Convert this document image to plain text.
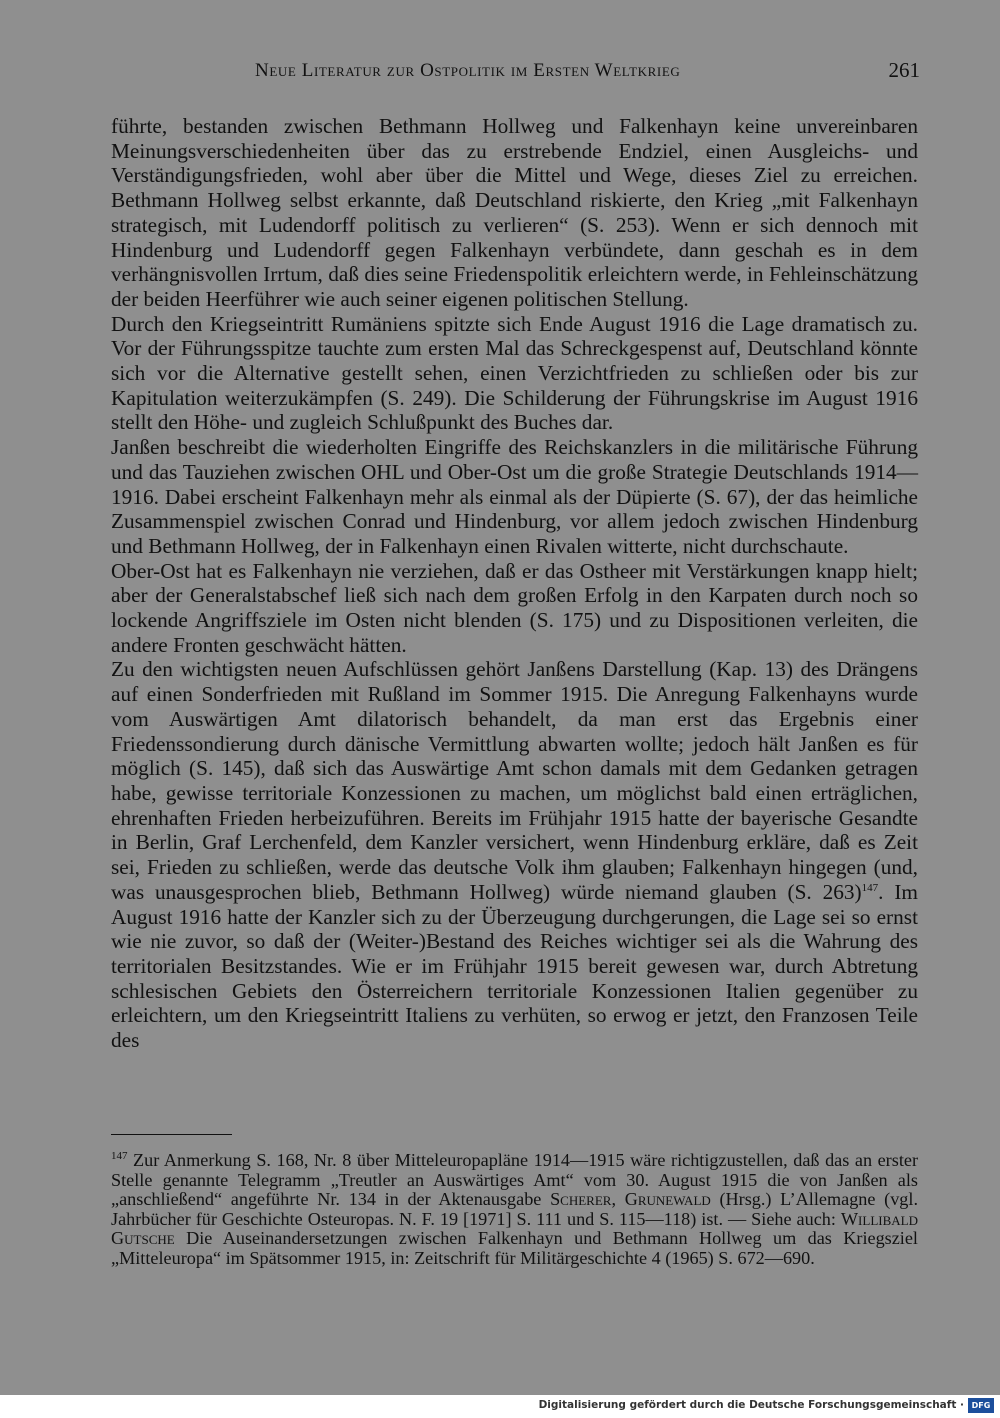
Neue Literatur zur Ostpolitik im Ersten Weltkrieg	261

führte, bestanden zwischen Bethmann Hollweg und Falkenhayn keine unvereinbaren Meinungsverschiedenheiten über das zu erstrebende Endziel, einen Ausgleichs- und Verständigungsfrieden, wohl aber über die Mittel und Wege, dieses Ziel zu erreichen. Bethmann Hollweg selbst erkannte, daß Deutschland riskierte, den Krieg „mit Falkenhayn strategisch, mit Ludendorff politisch zu verlieren“ (S. 253). Wenn er sich dennoch mit Hindenburg und Ludendorff gegen Falkenhayn verbündete, dann geschah es in dem verhängnisvollen Irrtum, daß dies seine Friedenspolitik erleichtern werde, in Fehleinschätzung der beiden Heerführer wie auch seiner eigenen politischen Stellung.

Durch den Kriegseintritt Rumäniens spitzte sich Ende August 1916 die Lage dramatisch zu. Vor der Führungsspitze tauchte zum ersten Mal das Schreckgespenst auf, Deutschland könnte sich vor die Alternative gestellt sehen, einen Verzichtfrieden zu schließen oder bis zur Kapitulation weiterzukämpfen (S. 249). Die Schilderung der Führungskrise im August 1916 stellt den Höhe- und zugleich Schlußpunkt des Buches dar.

Janßen beschreibt die wiederholten Eingriffe des Reichskanzlers in die militärische Führung und das Tauziehen zwischen OHL und Ober-Ost um die große Strategie Deutschlands 1914—1916. Dabei erscheint Falkenhayn mehr als einmal als der Düpierte (S. 67), der das heimliche Zusammenspiel zwischen Conrad und Hindenburg, vor allem jedoch zwischen Hindenburg und Bethmann Hollweg, der in Falkenhayn einen Rivalen witterte, nicht durchschaute.

Ober-Ost hat es Falkenhayn nie verziehen, daß er das Ostheer mit Verstärkungen knapp hielt; aber der Generalstabschef ließ sich nach dem großen Erfolg in den Karpaten durch noch so lockende Angriffsziele im Osten nicht blenden (S. 175) und zu Dispositionen verleiten, die andere Fronten geschwächt hätten.

Zu den wichtigsten neuen Aufschlüssen gehört Janßens Darstellung (Kap. 13) des Drängens auf einen Sonderfrieden mit Rußland im Sommer 1915. Die Anregung Falkenhayns wurde vom Auswärtigen Amt dilatorisch behandelt, da man erst das Ergebnis einer Friedenssondierung durch dänische Vermittlung abwarten wollte; jedoch hält Janßen es für möglich (S. 145), daß sich das Auswärtige Amt schon damals mit dem Gedanken getragen habe, gewisse territoriale Konzessionen zu machen, um möglichst bald einen erträglichen, ehrenhaften Frieden herbeizuführen. Bereits im Frühjahr 1915 hatte der bayerische Gesandte in Berlin, Graf Lerchenfeld, dem Kanzler versichert, wenn Hindenburg erkläre, daß es Zeit sei, Frieden zu schließen, werde das deutsche Volk ihm glauben; Falkenhayn hingegen (und, was unausgesprochen blieb, Bethmann Hollweg) würde niemand glauben (S. 263)$^{147}$. Im August 1916 hatte der Kanzler sich zu der Überzeugung durchgerungen, die Lage sei so ernst wie nie zuvor, so daß der (Weiter-)Bestand des Reiches wichtiger sei als die Wahrung des territorialen Besitzstandes. Wie er im Frühjahr 1915 bereit gewesen war, durch Abtretung schlesischen Gebiets den Österreichern territoriale Konzessionen Italien gegenüber zu erleichtern, um den Kriegseintritt Italiens zu verhüten, so erwog er jetzt, den Franzosen Teile des

$^{147}$ Zur Anmerkung S. 168, Nr. 8 über Mitteleuropapläne 1914—1915 wäre richtigzustellen, daß das an erster Stelle genannte Telegramm „Treutler an Auswärtiges Amt“ vom 30. August 1915 die von Janßen als „anschließend“ angeführte Nr. 134 in der Aktenausgabe Scherer, Grunewald (Hrsg.) L’Allemagne (vgl. Jahrbücher für Geschichte Osteuropas. N. F. 19 [1971] S. 111 und S. 115—118) ist. — Siehe auch: Willibald Gutsche Die Auseinandersetzungen zwischen Falkenhayn und Bethmann Hollweg um das Kriegsziel „Mitteleuropa“ im Spätsommer 1915, in: Zeitschrift für Militärgeschichte 4 (1965) S. 672—690.

Digitalisierung gefördert durch die Deutsche Forschungsgemeinschaft · DFG
